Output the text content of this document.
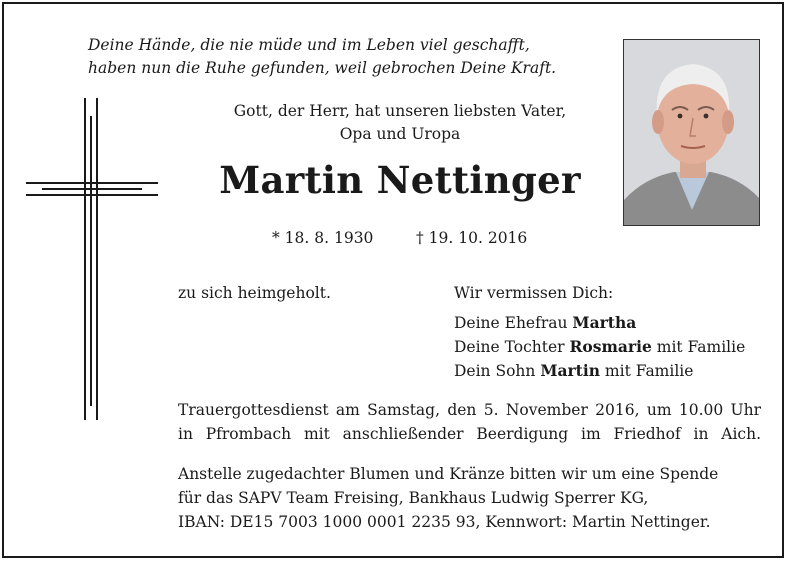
Deine Hände, die nie müde und im Leben viel geschafft,
haben nun die Ruhe gefunden, weil gebrochen Deine Kraft.
Gott, der Herr, hat unseren liebsten Vater,
Opa und Uropa
Martin Nettinger
* 18. 8. 1930	† 19. 10. 2016
zu sich heimgeholt.	Wir vermissen Dich:
Deine Ehefrau Martha
Deine Tochter Rosmarie mit Familie
Dein Sohn Martin mit Familie
Trauergottesdienst am Samstag, den 5. November 2016, um 10.00 Uhr
in Pfrombach mit anschließender Beerdigung im Friedhof in Aich.
Anstelle zugedachter Blumen und Kränze bitten wir um eine Spende
für das SAPV Team Freising, Bankhaus Ludwig Sperrer KG,
IBAN: DE15 7003 1000 0001 2235 93, Kennwort: Martin Nettinger.
